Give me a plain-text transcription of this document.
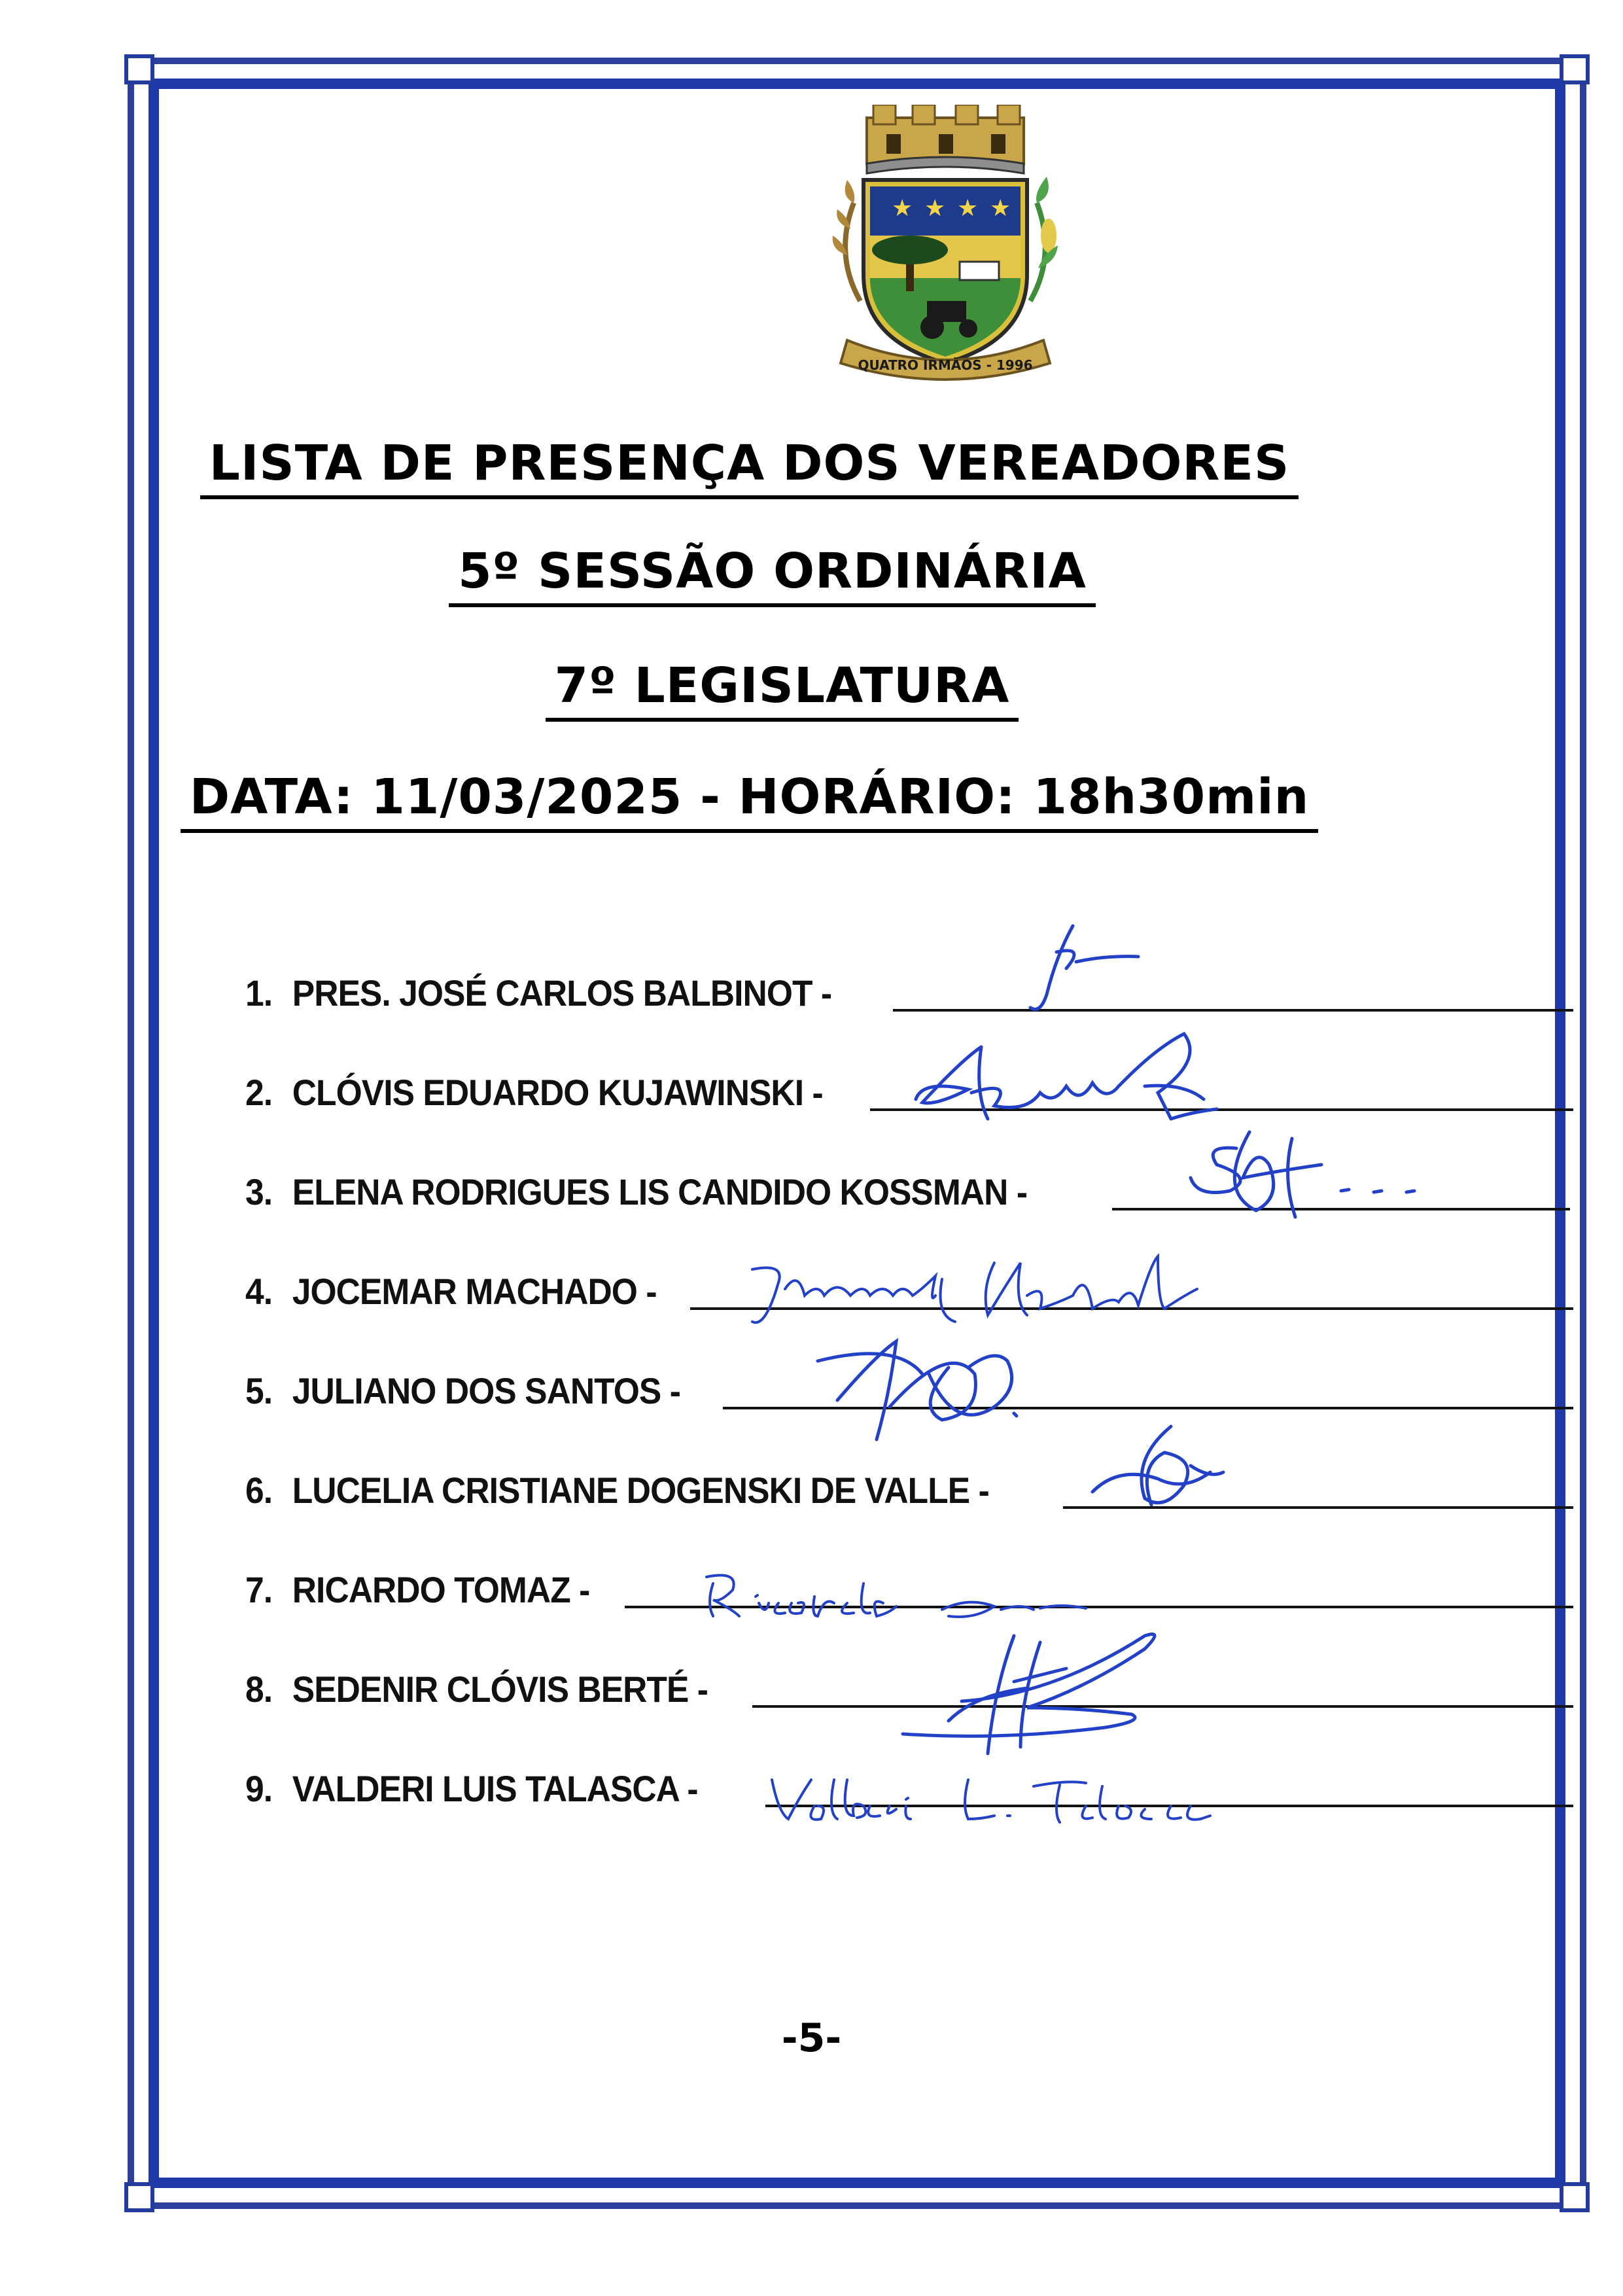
★ ★ ★ ★
QUATRO IRMÃOS - 1996
LISTA DE PRESENÇA DOS VEREADORES
5º SESSÃO ORDINÁRIA
7º LEGISLATURA
DATA: 11/03/2025 - HORÁRIO: 18h30min
1. PRES. JOSÉ CARLOS BALBINOT -
2. CLÓVIS EDUARDO KUJAWINSKI -
3. ELENA RODRIGUES LIS CANDIDO KOSSMAN -
4. JOCEMAR MACHADO -
5. JULIANO DOS SANTOS -
6. LUCELIA CRISTIANE DOGENSKI DE VALLE -
7. RICARDO TOMAZ -
8. SEDENIR CLÓVIS BERTÉ -
9. VALDERI LUIS TALASCA -
-5-
